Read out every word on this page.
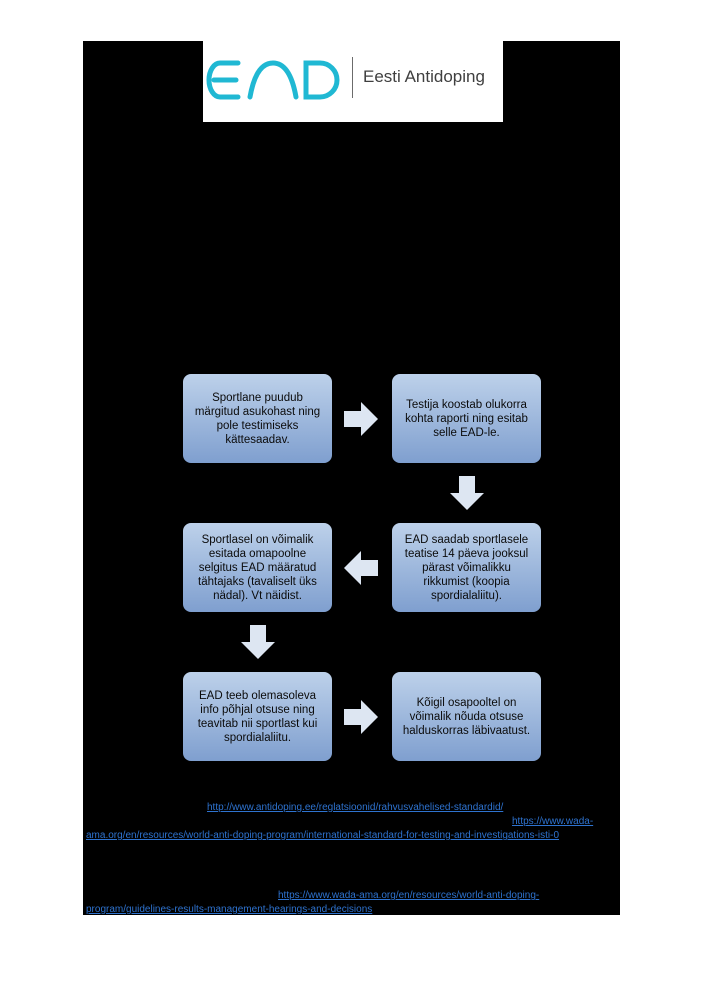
Eesti Antidoping
Sportlane puudub märgitud asukohast ning pole testimiseks kättesaadav.
Testija koostab olukorra kohta raporti ning esitab selle EAD-le.
EAD saadab sportlasele teatise 14 päeva jooksul pärast võimalikku rikkumist (koopia spordialaliitu).
Sportlasel on võimalik esitada omapoolne selgitus EAD määratud tähtajaks (tavaliselt üks nädal). Vt näidist.
EAD teeb olemasoleva info põhjal otsuse ning teavitab nii sportlast kui spordialaliitu.
Kõigil osapooltel on võimalik nõuda otsuse halduskorras läbivaatust.
http://www.antidoping.ee/reglatsioonid/rahvusvahelised-standardid/
https://www.wada-
ama.org/en/resources/world-anti-doping-program/international-standard-for-testing-and-investigations-isti-0
https://www.wada-ama.org/en/resources/world-anti-doping-
program/guidelines-results-management-hearings-and-decisions
